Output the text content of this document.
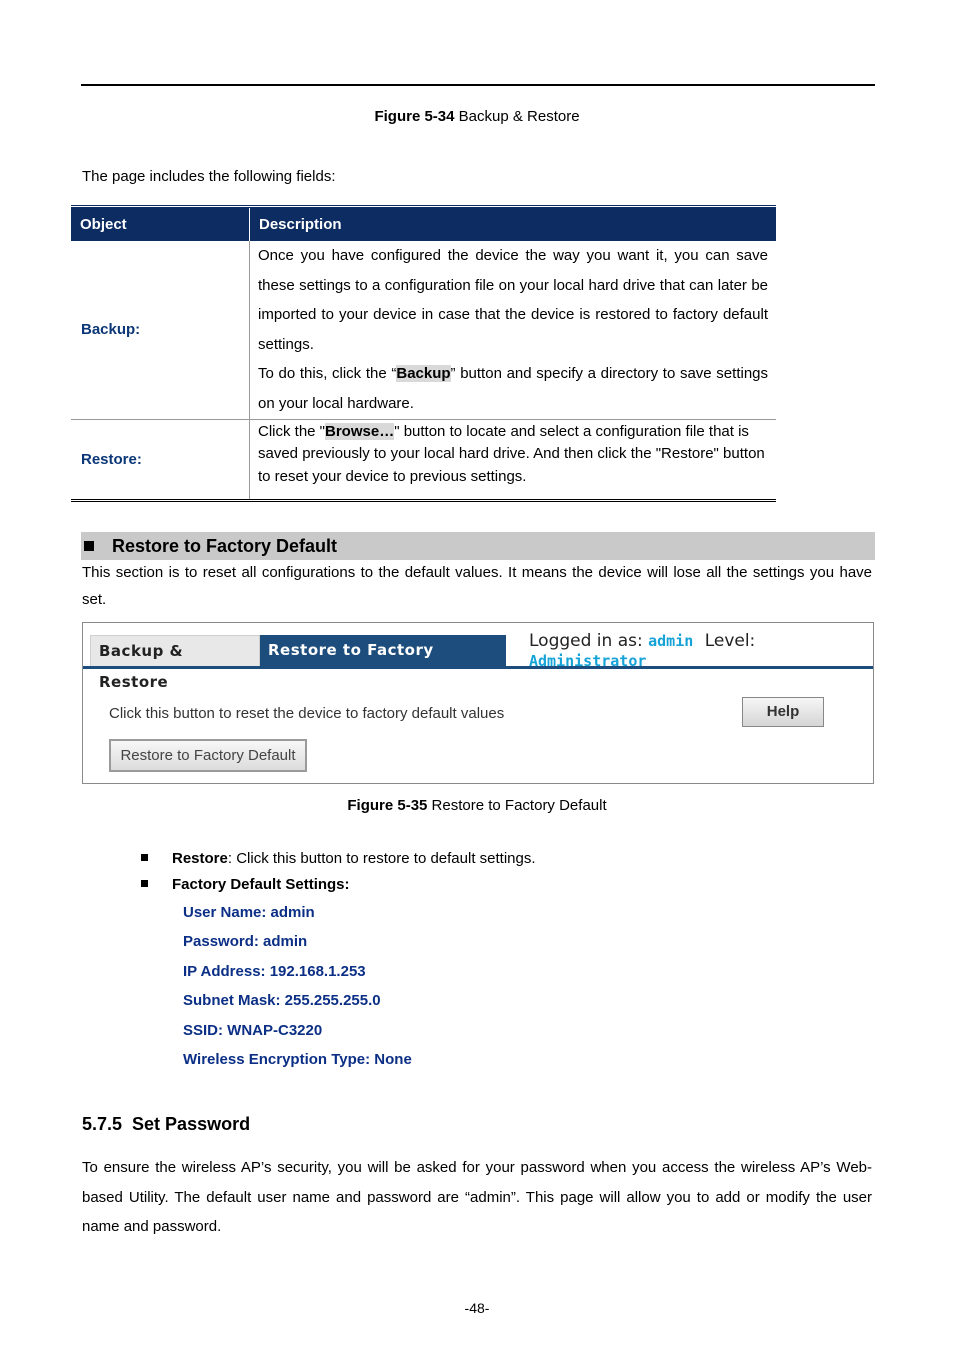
Figure 5-34 Backup & Restore
The page includes the following fields:
Object	Description
Backup:	Once you have configured the device the way you want it, you can save these settings to a configuration file on your local hard drive that can later be imported to your device in case that the device is restored to factory default settings.

To do this, click the “Backup” button and specify a directory to save settings on your local hardware.

Restore:	Click the "Browse…" button to locate and select a configuration file that is saved previously to your local hard drive. And then click the "Restore" button to reset your device to previous settings.

Restore to Factory Default
This section is to reset all configurations to the default values. It means the device will lose all the settings you have set.
Backup & Restore
Restore to Factory Default
Logged in as: admin Level: Administrator
Click this button to reset the device to factory default values	Help
Restore to Factory Default
Figure 5-35 Restore to Factory Default
Restore: Click this button to restore to default settings.
Factory Default Settings:
User Name: admin
Password: admin
IP Address: 192.168.1.253
Subnet Mask: 255.255.255.0
SSID: WNAP-C3220
Wireless Encryption Type: None
5.7.5  Set Password
To ensure the wireless AP’s security, you will be asked for your password when you access the wireless AP’s Web-based Utility. The default user name and password are “admin”. This page will allow you to add or modify the user name and password.
-48-
